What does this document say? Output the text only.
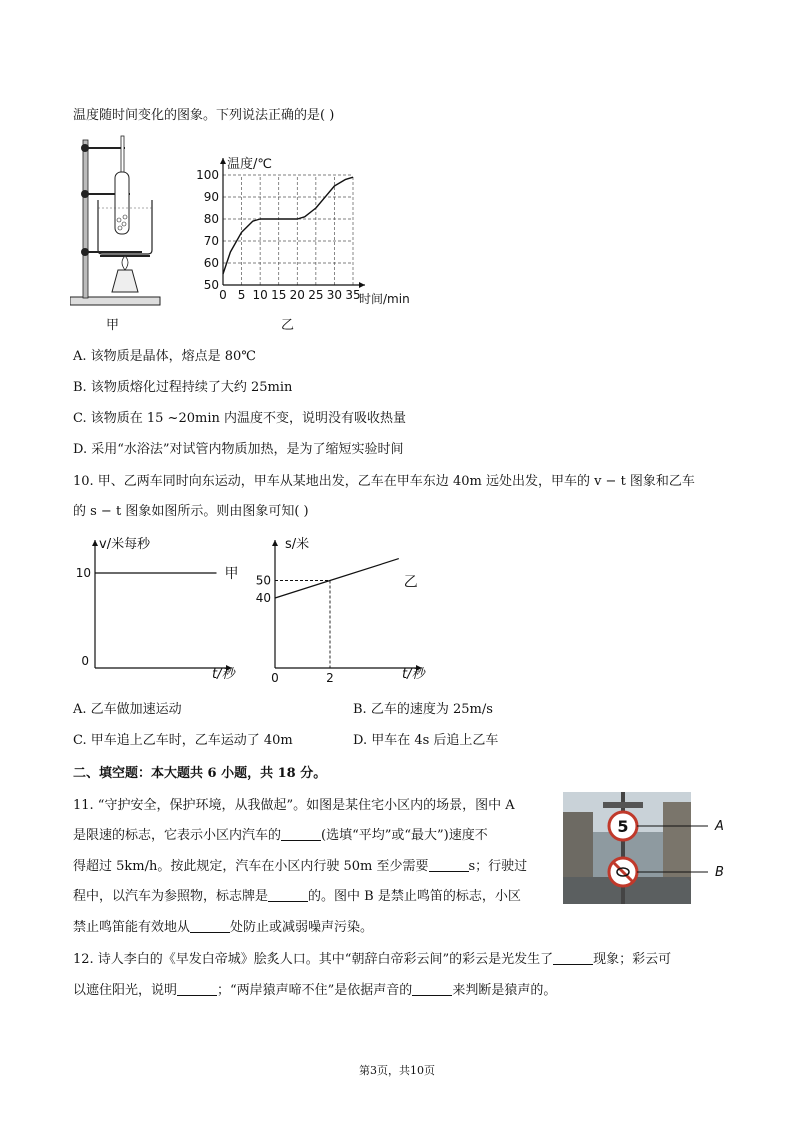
温度随时间变化的图象。下列说法正确的是( )
甲
50
60
70
80
90
100
0 5 10 15 20 25 30 35
温度/℃
时间/min
乙
A. 该物质是晶体，熔点是 80℃
B. 该物质熔化过程持续了大约 25min
C. 该物质在 15 ~20min 内温度不变，说明没有吸收热量
D. 采用“水浴法”对试管内物质加热，是为了缩短实验时间
10. 甲、乙两车同时向东运动，甲车从某地出发，乙车在甲车东边 40m 远处出发，甲车的 v − t 图象和乙车
的 s − t 图象如图所示。则由图象可知( )
v/米每秒
t/秒
10
0
甲
s/米
t/秒
40
50
0	2
乙
A. 乙车做加速运动	B. 乙车的速度为 25m/s
C. 甲车追上乙车时，乙车运动了 40m	D. 甲车在 4s 后追上乙车
二、填空题：本大题共 6 小题，共 18 分。
11. “守护安全，保护环境，从我做起”。如图是某住宅小区内的场景，图中 A
是限速的标志，它表示小区内汽车的	(选填“平均”或“最大”)速度不
得超过 5km/h。按此规定，汽车在小区内行驶 50m 至少需要	s；行驶过
程中，以汽车为参照物，标志牌是	的。图中 B 是禁止鸣笛的标志，小区
禁止鸣笛能有效地从	处防止或减弱噪声污染。
5	A
B
12. 诗人李白的《早发白帝城》脍炙人口。其中“朝辞白帝彩云间”的彩云是光发生了	现象；彩云可
以遮住阳光，说明	；“两岸猿声啼不住”是依据声音的	来判断是猿声的。
第3页，共10页
